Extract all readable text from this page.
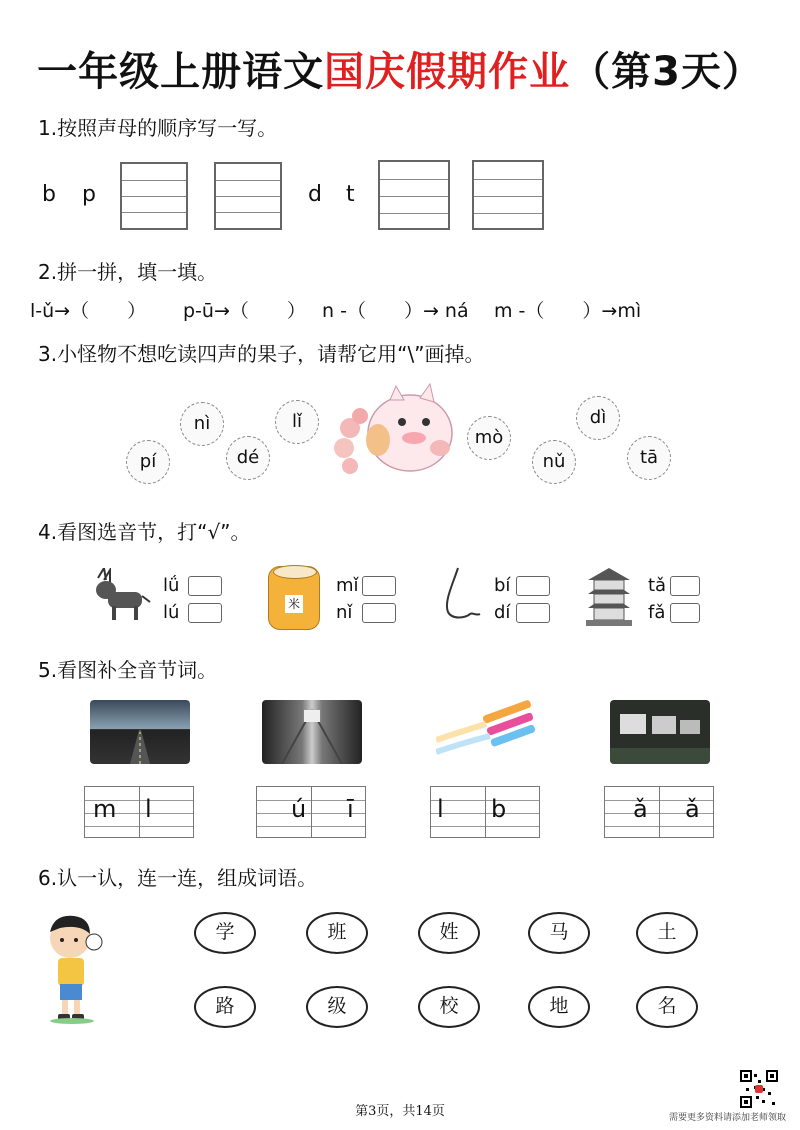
一年级上册语文国庆假期作业（第3天）
1.按照声母的顺序写一写。
b p	d t
2.拼一拼，填一填。
l-ǔ→（　　） p-ū→（　　） n -（　　）→ ná m -（　　）→mì
3.小怪物不想吃读四声的果子，请帮它用“\”画掉。
nì	lǐ
pí	dé
mò
dì
nǔ	tā
4.看图选音节，打“√”。
lǘ
lú	米
mǐ
nǐ
bí
dí
tǎ
fǎ
5.看图补全音节词。
m l	ú ī	l b	ǎ ǎ
6.认一认，连一连，组成词语。
学	班	姓	马	土
路	级	校	地	名
第3页，共14页	需要更多资料请添加老师领取
